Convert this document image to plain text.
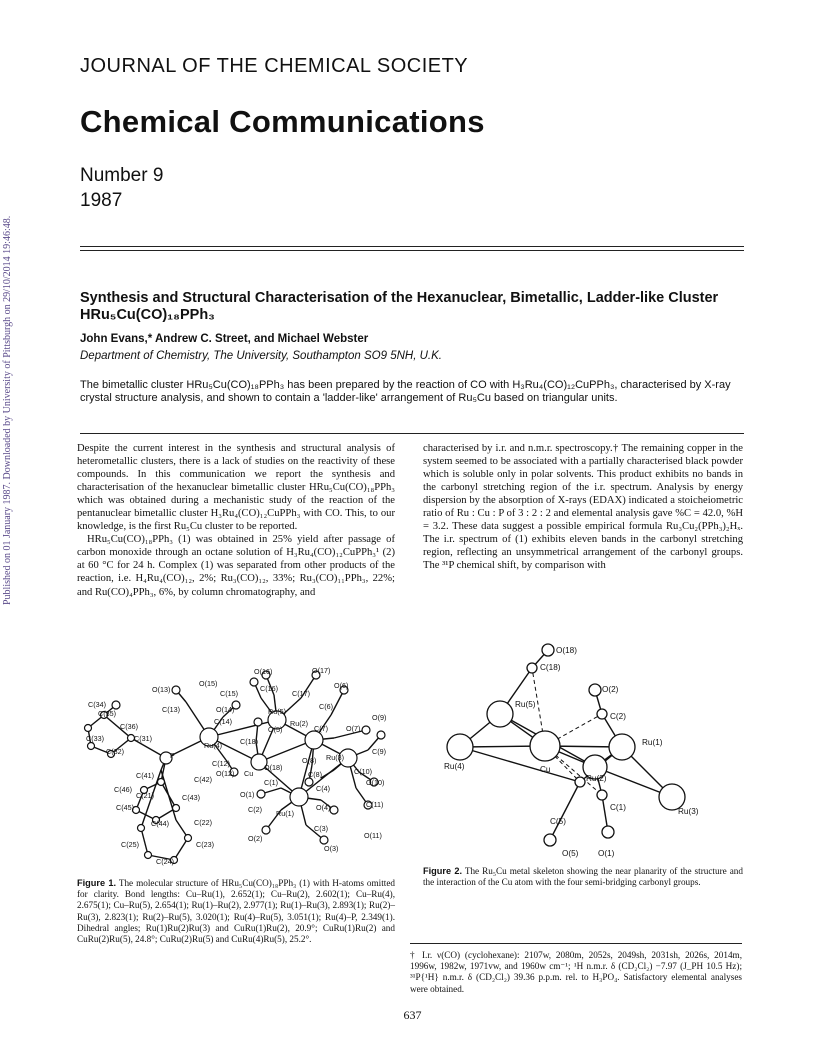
Published on 01 January 1987. Downloaded by University of Pittsburgh on 29/10/2014 19:46:48.
JOURNAL OF THE CHEMICAL SOCIETY
Chemical Communications
Number 9
1987
Synthesis and Structural Characterisation of the Hexanuclear, Bimetallic, Ladder-like Cluster HRu₅Cu(CO)₁₈PPh₃
John Evans,* Andrew C. Street, and Michael Webster
Department of Chemistry, The University, Southampton SO9 5NH, U.K.
The bimetallic cluster HRu₅Cu(CO)₁₈PPh₃ has been prepared by the reaction of CO with H₃Ru₄(CO)₁₂CuPPh₃, characterised by X-ray crystal structure analysis, and shown to contain a 'ladder-like' arrangement of Ru₅Cu based on triangular units.

Despite the current interest in the synthesis and structural analysis of heterometallic clusters, there is a lack of studies on the reactivity of these compounds. In this communication we report the synthesis and characterisation of the hexanuclear bimetallic cluster HRu₅Cu(CO)₁₈PPh₃ which was obtained during a mechanistic study of the reaction of the pentanuclear bimetallic cluster H₃Ru₄(CO)₁₂CuPPh₃ with CO. This, to our knowledge, is the first Ru₅Cu cluster to be reported.

HRu₅Cu(CO)₁₈PPh₃ (1) was obtained in 25% yield after passage of carbon monoxide through an octane solution of H₃Ru₄(CO)₁₂CuPPh₃¹ (2) at 60 °C for 24 h. Complex (1) was separated from other products of the reaction, i.e. H₄Ru₄(CO)₁₂, 2%; Ru₃(CO)₁₂, 33%; Ru₃(CO)₁₁PPh₃, 22%; and Ru(CO)₄PPh₃, 6%, by column chromatography, and

characterised by i.r. and n.m.r. spectroscopy.† The remaining copper in the system seemed to be associated with a partially characterised black powder which is soluble only in polar solvents. This product exhibits no bands in the carbonyl stretching region of the i.r. spectrum. Analysis by energy dispersion by the absorption of X-rays (EDAX) indicated a stoicheiometric ratio of Ru : Cu : P of 3 : 2 : 2 and elemental analysis gave %C = 42.0, %H = 3.2. These data suggest a possible empirical formula Ru₃Cu₂(PPh₃)₂Hₓ. The i.r. spectrum of (1) exhibits eleven bands in the carbonyl stretching region, reflecting an unsymmetrical arrangement of the carbonyl groups. The ³¹P chemical shift, by comparison with

O(16)	O(17)
O(15)
C(16)	O(6)
O(13)	C(15)	C(17)
C(34)
C(13)	O(14)	Ru(5)
C(35)
C(14)
C(6)
O(9)
C(36)	Ru(2)
C(7)	O(7)
O(5)
C(33)	C(31)
Ru(4)	C(18)
C(32)	P
C(12)	O(8) Ru(3)
C(9)
O(18)	C(10)
C(41)	O(12) Cu	C(8)
O(10)
C(46)
C(42)	C(1)
C(4)
O(1)
C(11)
C(21)	C(43)
C(45)	O(4)
Ru(1)
C(2)
C(44)	C(22)
C(3)
O(11)
O(2)
C(25)	C(23)	O(3)
C(24)
Figure 1. The molecular structure of HRu₅Cu(CO)₁₈PPh₃ (1) with H-atoms omitted for clarity. Bond lengths: Cu–Ru(1), 2.652(1); Cu–Ru(2), 2.602(1); Cu–Ru(4), 2.675(1); Cu–Ru(5), 2.654(1); Ru(1)–Ru(2), 2.977(1); Ru(1)–Ru(3), 2.893(1); Ru(2)–Ru(3), 2.823(1); Ru(2)–Ru(5), 3.020(1); Ru(4)–Ru(5), 3.051(1); Ru(4)–P, 2.349(1). Dihedral angles; Ru(1)Ru(2)Ru(3) and CuRu(1)Ru(2), 20.9°; CuRu(1)Ru(2) and CuRu(2)Ru(5), 24.8°; CuRu(2)Ru(5) and CuRu(4)Ru(5), 25.2°.
O(18)
C(18)
O(2)
Ru(5)
C(2)
Ru(1)
Ru(4)	Cu
Ru(2)
Ru(3)
C(1)
C(5)
O(5) O(1)
Figure 2. The Ru₅Cu metal skeleton showing the near planarity of the structure and the interaction of the Cu atom with the four semi-bridging carbonyl groups.
† I.r. ν(CO) (cyclohexane): 2107w, 2080m, 2052s, 2049sh, 2031sh, 2026s, 2014m, 1996w, 1982w, 1971vw, and 1960w cm⁻¹; ¹H n.m.r. δ (CD₂Cl₂) −7.97 (J_PH 10.5 Hz); ³¹P{¹H} n.m.r. δ (CD₂Cl₂) 39.36 p.p.m. rel. to H₃PO₄. Satisfactory elemental analyses were obtained.
637
